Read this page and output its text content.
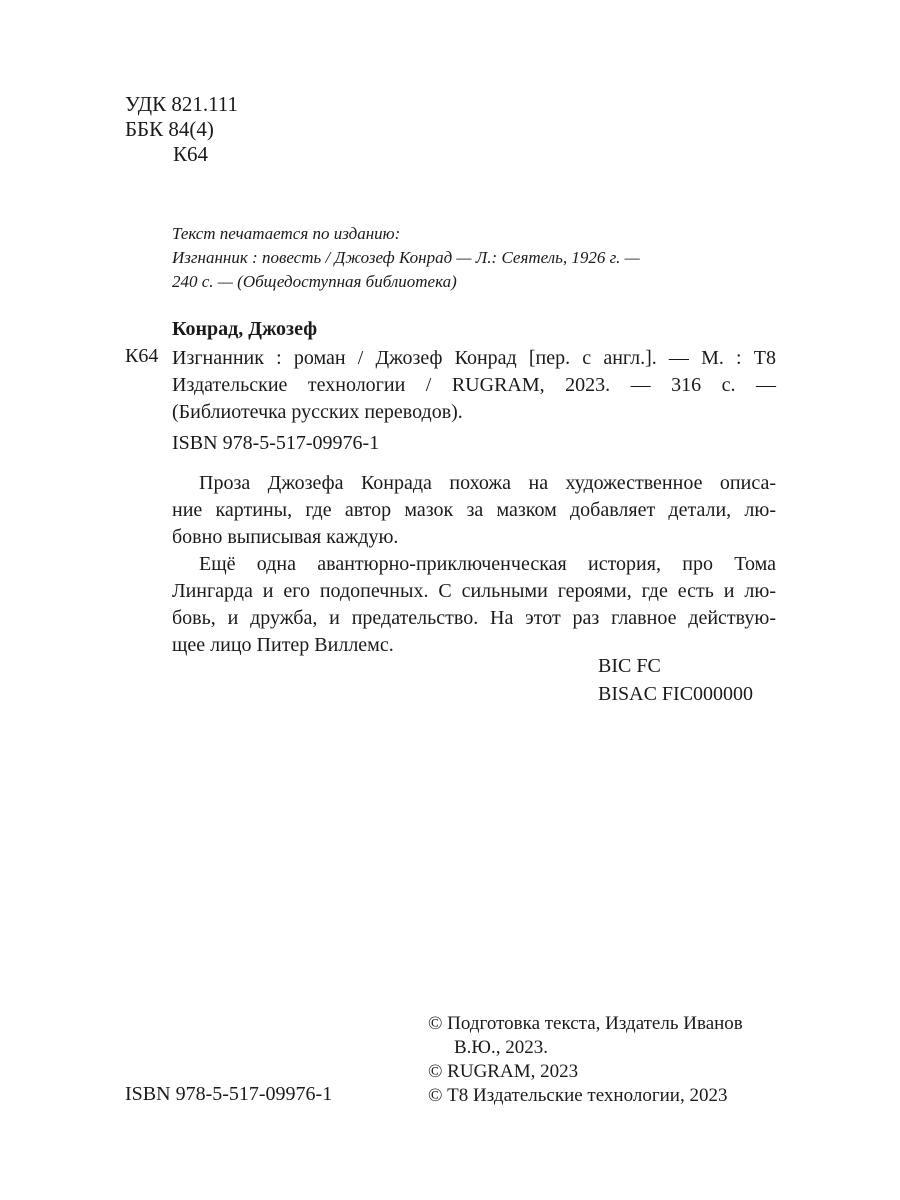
УДК 821.111
ББК 84(4)
К64
Текст печатается по изданию:
Изгнанник : повесть / Джозеф Конрад — Л.: Сеятель, 1926 г. —
240 с. — (Общедоступная библиотека)
Конрад, Джозеф
К64 Изгнанник : роман / Джозеф Конрад [пер. с англ.]. — М. : Т8
Издательские технологии / RUGRAM, 2023. — 316 с. —
(Библиотечка русских переводов).
ISBN 978-5-517-09976-1
Проза Джозефа Конрада похожа на художественное описа-
ние картины, где автор мазок за мазком добавляет детали, лю-
бовно выписывая каждую.
Ещё одна авантюрно-приключенческая история, про Тома
Лингарда и его подопечных. С сильными героями, где есть и лю-
бовь, и дружба, и предательство. На этот раз главное действую-
щее лицо Питер Виллемс.
BIC FC
BISAC FIC000000
ISBN 978-5-517-09976-1
© Подготовка текста, Издатель Иванов
В.Ю., 2023.
© RUGRAM, 2023
© Т8 Издательские технологии, 2023
